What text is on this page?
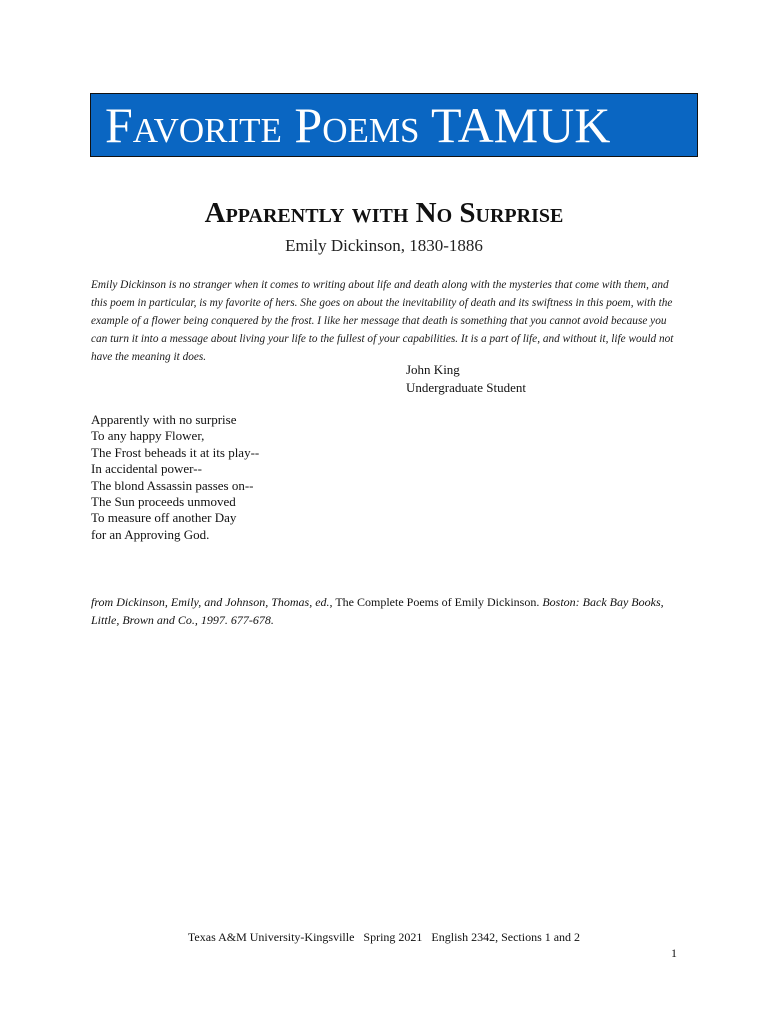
Favorite Poems TAMUK
Apparently with No Surprise
Emily Dickinson, 1830-1886
Emily Dickinson is no stranger when it comes to writing about life and death along with the mysteries that come with them, and this poem in particular, is my favorite of hers. She goes on about the inevitability of death and its swiftness in this poem, with the example of a flower being conquered by the frost. I like her message that death is something that you cannot avoid because you can turn it into a message about living your life to the fullest of your capabilities. It is a part of life, and without it, life would not have the meaning it does.
John King
Undergraduate Student
Apparently with no surprise
To any happy Flower,
The Frost beheads it at its play--
In accidental power--
The blond Assassin passes on--
The Sun proceeds unmoved
To measure off another Day
for an Approving God.
from Dickinson, Emily, and Johnson, Thomas, ed., The Complete Poems of Emily Dickinson. Boston: Back Bay Books, Little, Brown and Co., 1997. 677-678.
Texas A&M University-Kingsville   Spring 2021   English 2342, Sections 1 and 2
1
